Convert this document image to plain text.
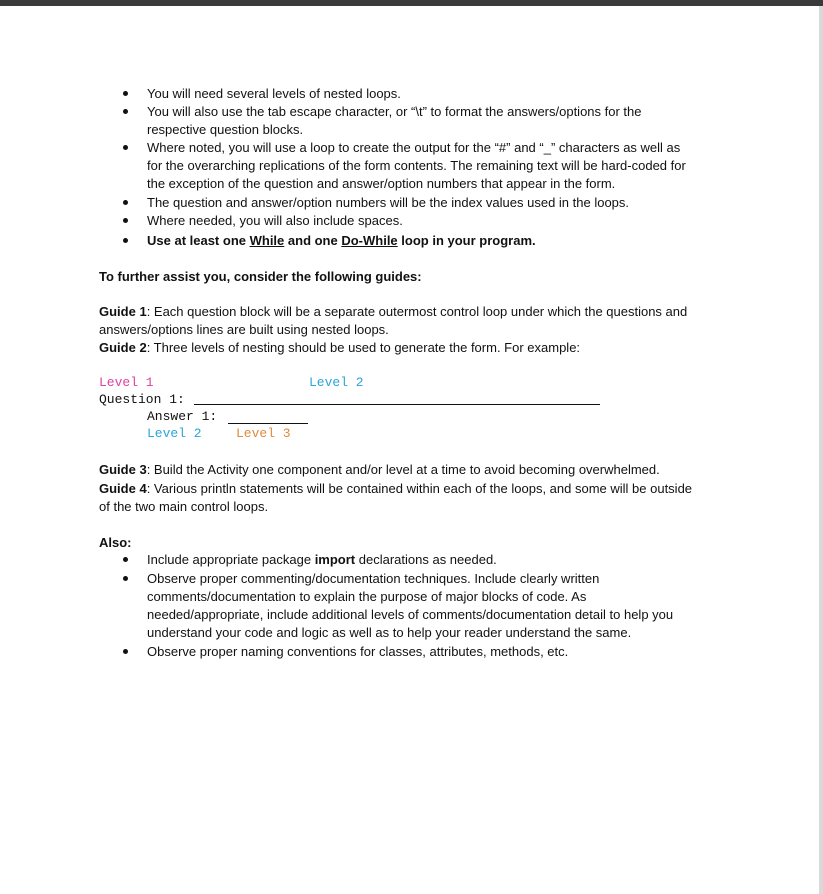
You will need several levels of nested loops.
You will also use the tab escape character, or “\t” to format the answers/options for the
respective question blocks.
Where noted, you will use a loop to create the output for the “#” and “_” characters as well as
for the overarching replications of the form contents. The remaining text will be hard-coded for
the exception of the question and answer/option numbers that appear in the form.
The question and answer/option numbers will be the index values used in the loops.
Where needed, you will also include spaces.
Use at least one While and one Do-While loop in your program.
To further assist you, consider the following guides:
Guide 1: Each question block will be a separate outermost control loop under which the questions and
answers/options lines are built using nested loops.
Guide 2: Three levels of nesting should be used to generate the form. For example:
Level 1	Level 2
Question 1:
Answer 1:
Level 2	Level 3
Guide 3: Build the Activity one component and/or level at a time to avoid becoming overwhelmed.
Guide 4: Various println statements will be contained within each of the loops, and some will be outside
of the two main control loops.
Also:
Include appropriate package import declarations as needed.
Observe proper commenting/documentation techniques. Include clearly written
comments/documentation to explain the purpose of major blocks of code. As
needed/appropriate, include additional levels of comments/documentation detail to help you
understand your code and logic as well as to help your reader understand the same.
Observe proper naming conventions for classes, attributes, methods, etc.
